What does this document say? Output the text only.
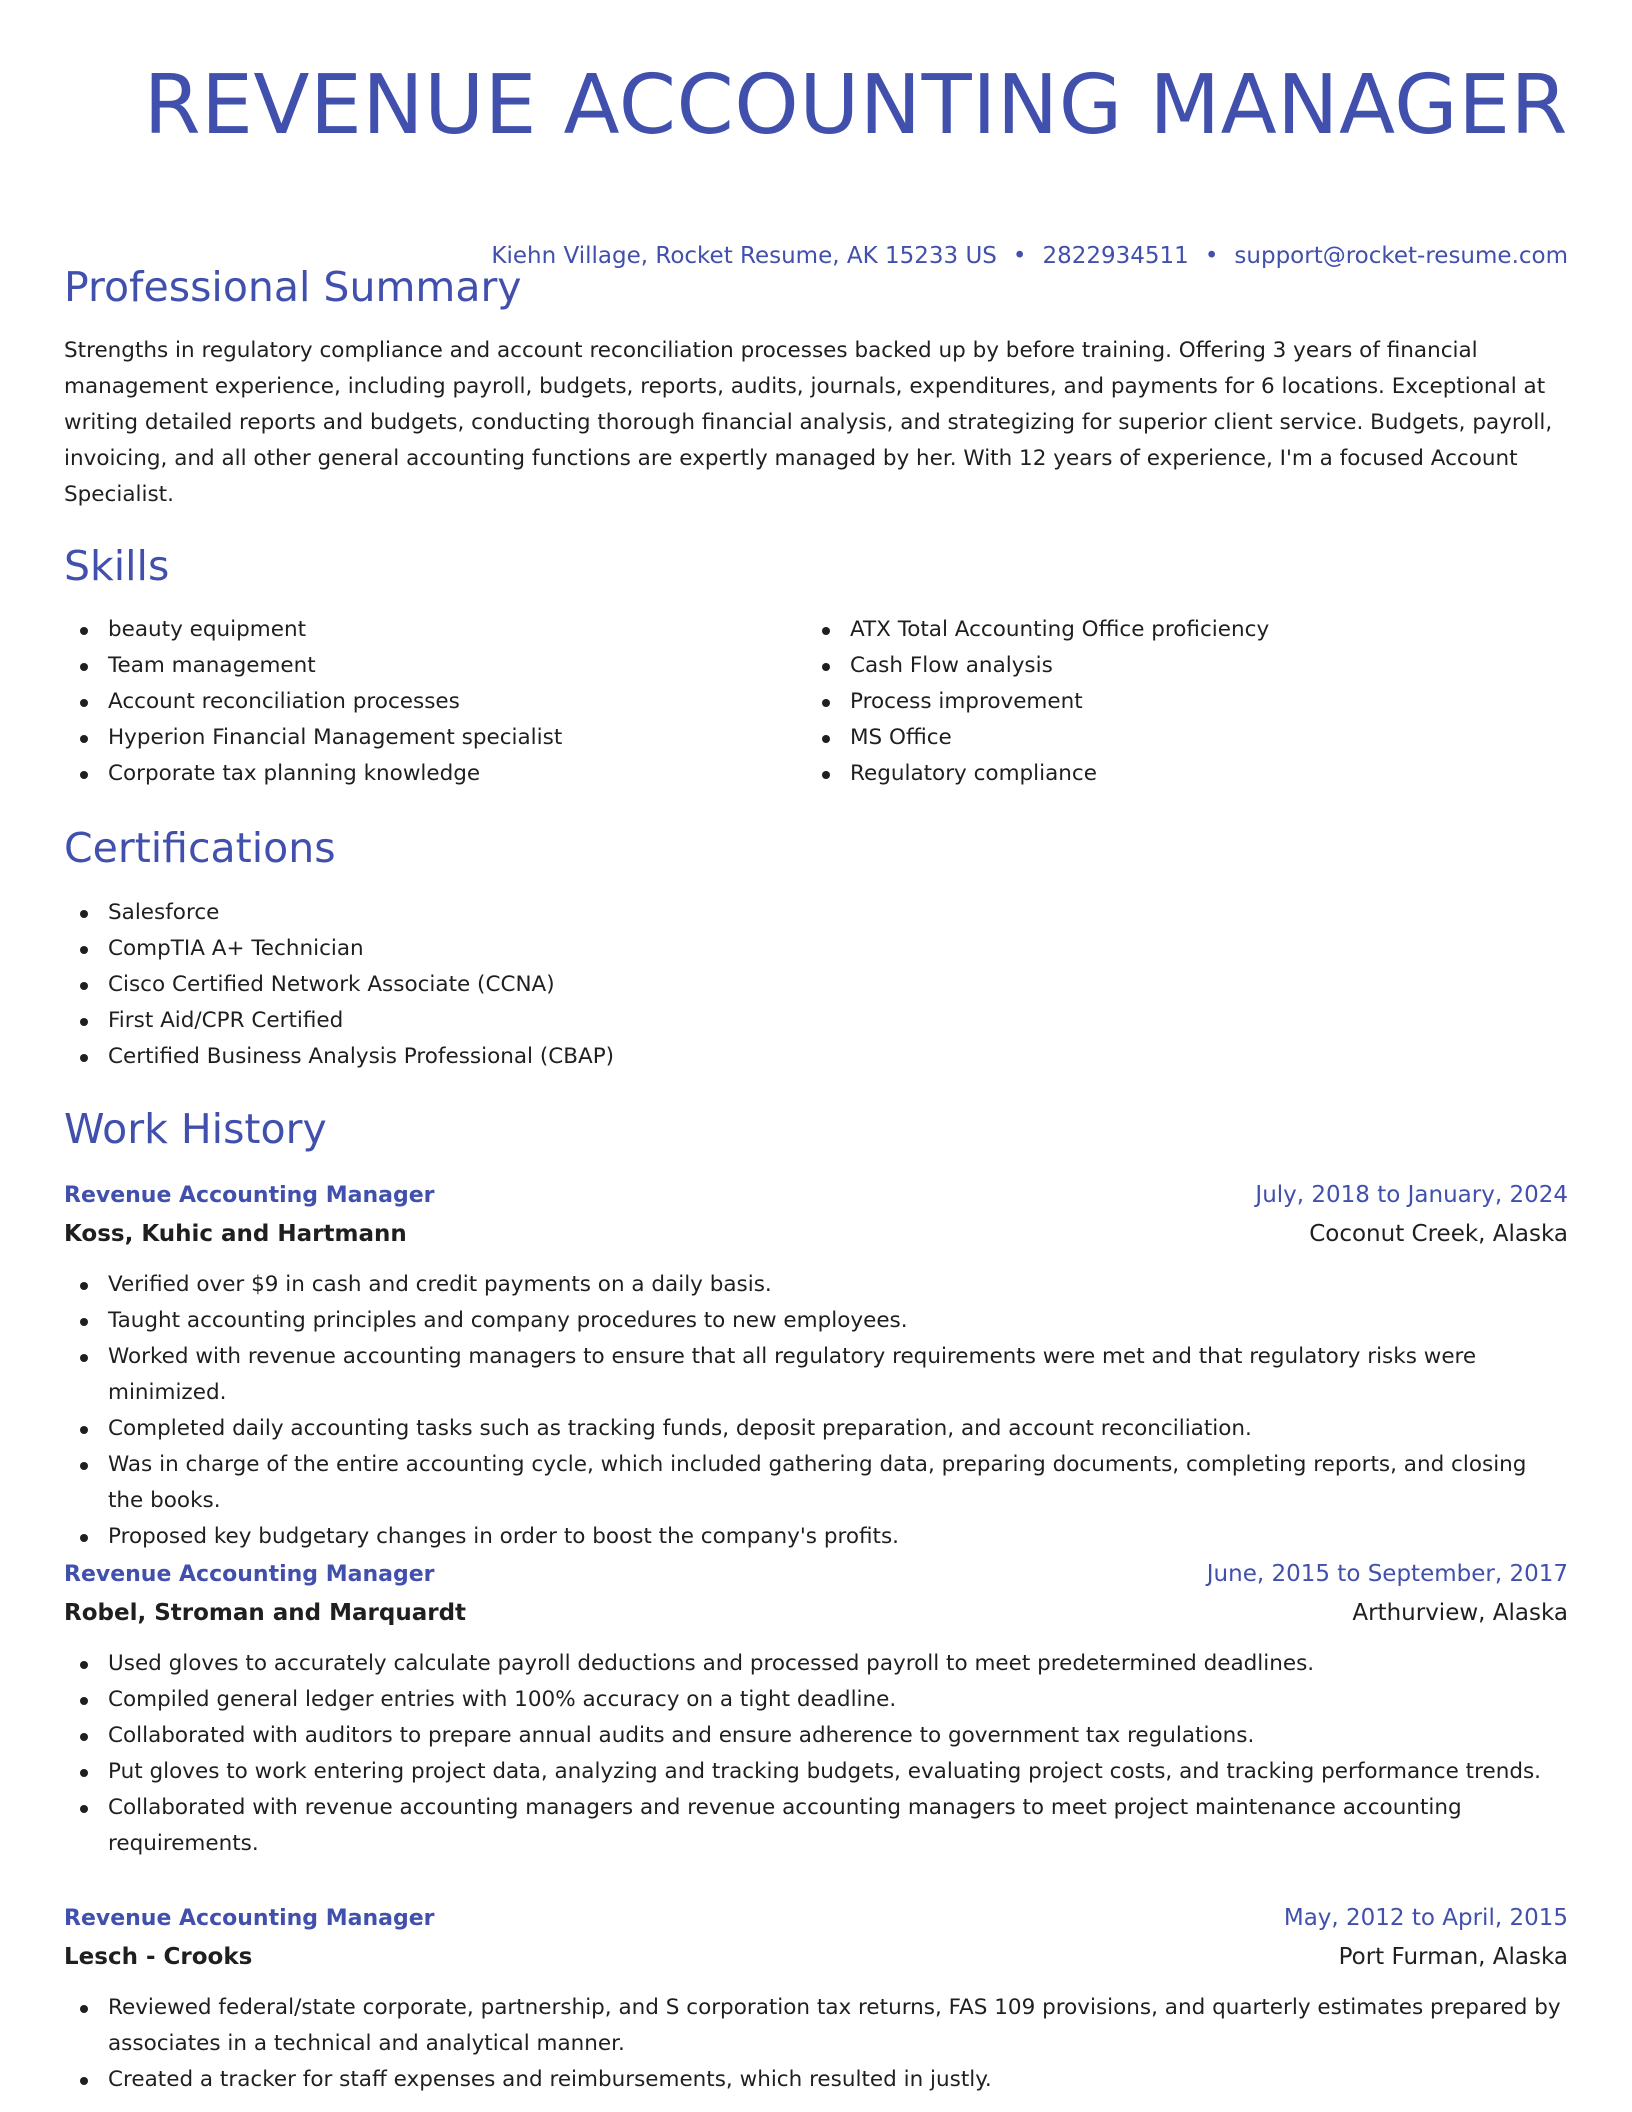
REVENUE ACCOUNTING MANAGER
Kiehn Village, Rocket Resume, AK 15233 US • 2822934511 • support@rocket-resume.com
Professional Summary

Strengths in regulatory compliance and account reconciliation processes backed up by before training. Offering 3 years of financial management experience, including payroll, budgets, reports, audits, journals, expenditures, and payments for 6 locations. Exceptional at writing detailed reports and budgets, conducting thorough financial analysis, and strategizing for superior client service. Budgets, payroll, invoicing, and all other general accounting functions are expertly managed by her. With 12 years of experience, I'm a focused Account Specialist.

Skills
beauty equipment
Team management
Account reconciliation processes
Hyperion Financial Management specialist
Corporate tax planning knowledge
ATX Total Accounting Office proficiency
Cash Flow analysis
Process improvement
MS Office
Regulatory compliance
Certifications
Salesforce
CompTIA A+ Technician
Cisco Certified Network Associate (CCNA)
First Aid/CPR Certified
Certified Business Analysis Professional (CBAP)
Work History
Revenue Accounting Manager	July, 2018 to January, 2024
Koss, Kuhic and Hartmann	Coconut Creek, Alaska
Verified over $9 in cash and credit payments on a daily basis.
Taught accounting principles and company procedures to new employees.
Worked with revenue accounting managers to ensure that all regulatory requirements were met and that regulatory risks were minimized.
Completed daily accounting tasks such as tracking funds, deposit preparation, and account reconciliation.
Was in charge of the entire accounting cycle, which included gathering data, preparing documents, completing reports, and closing the books.
Proposed key budgetary changes in order to boost the company's profits.
Revenue Accounting Manager	June, 2015 to September, 2017
Robel, Stroman and Marquardt	Arthurview, Alaska
Used gloves to accurately calculate payroll deductions and processed payroll to meet predetermined deadlines.
Compiled general ledger entries with 100% accuracy on a tight deadline.
Collaborated with auditors to prepare annual audits and ensure adherence to government tax regulations.
Put gloves to work entering project data, analyzing and tracking budgets, evaluating project costs, and tracking performance trends.
Collaborated with revenue accounting managers and revenue accounting managers to meet project maintenance accounting requirements.
Revenue Accounting Manager	May, 2012 to April, 2015
Lesch - Crooks	Port Furman, Alaska
Reviewed federal/state corporate, partnership, and S corporation tax returns, FAS 109 provisions, and quarterly estimates prepared by associates in a technical and analytical manner.
Created a tracker for staff expenses and reimbursements, which resulted in justly.
